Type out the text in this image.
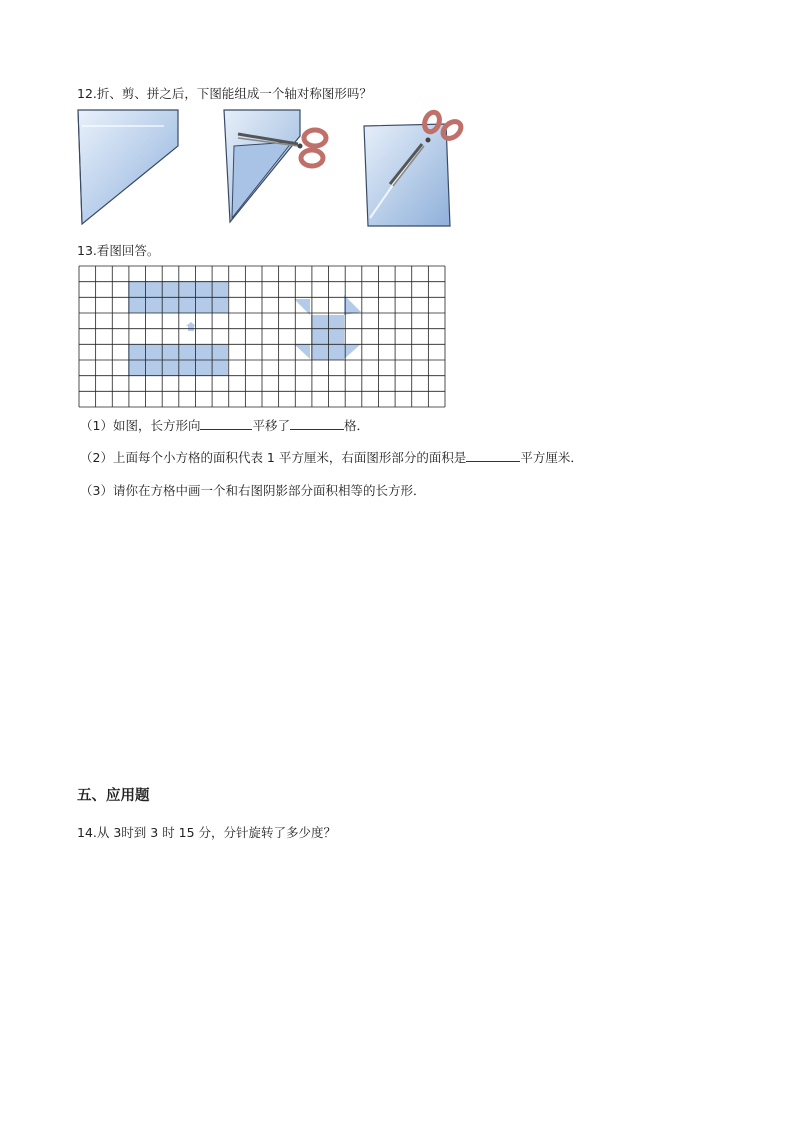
12.折、剪、拼之后，下图能组成一个轴对称图形吗？
13.看图回答。
（1）如图，长方形向	平移了	格．
（2）上面每个小方格的面积代表 1 平方厘米，右面图形部分的面积是	平方厘米．
（3）请你在方格中画一个和右图阴影部分面积相等的长方形．
五、应用题
14.从 3时到 3 时 15 分，分针旋转了多少度？
